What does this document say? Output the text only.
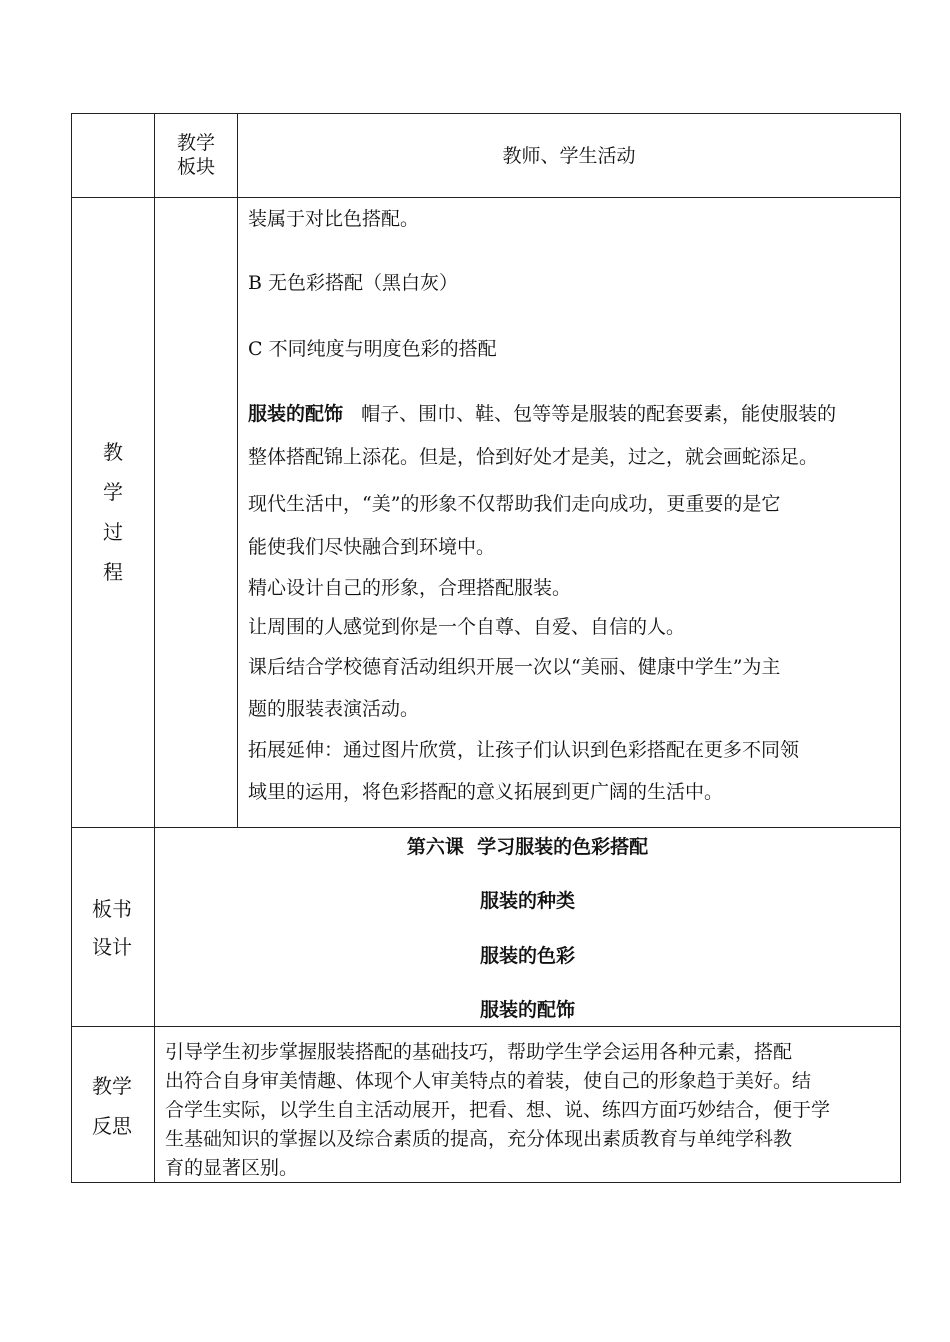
教学
板块	教师、学生活动
教
学
过
程
装属于对比色搭配。
B 无色彩搭配（黑白灰）
C 不同纯度与明度色彩的搭配
服装的配饰 帽子、围巾、鞋、包等等是服装的配套要素，能使服装的
整体搭配锦上添花。但是，恰到好处才是美，过之，就会画蛇添足。
现代生活中，“美”的形象不仅帮助我们走向成功，更重要的是它
能使我们尽快融合到环境中。
精心设计自己的形象，合理搭配服装。
让周围的人感觉到你是一个自尊、自爱、自信的人。
课后结合学校德育活动组织开展一次以“美丽、健康中学生”为主
题的服装表演活动。
拓展延伸：通过图片欣赏，让孩子们认识到色彩搭配在更多不同领
域里的运用，将色彩搭配的意义拓展到更广阔的生活中。
板书
设计
第六课  学习服装的色彩搭配
服装的种类
服装的色彩
服装的配饰
教学
反思
引导学生初步掌握服装搭配的基础技巧，帮助学生学会运用各种元素，搭配
出符合自身审美情趣、体现个人审美特点的着装，使自己的形象趋于美好。结
合学生实际，以学生自主活动展开，把看、想、说、练四方面巧妙结合，便于学
生基础知识的掌握以及综合素质的提高，充分体现出素质教育与单纯学科教
育的显著区别。
